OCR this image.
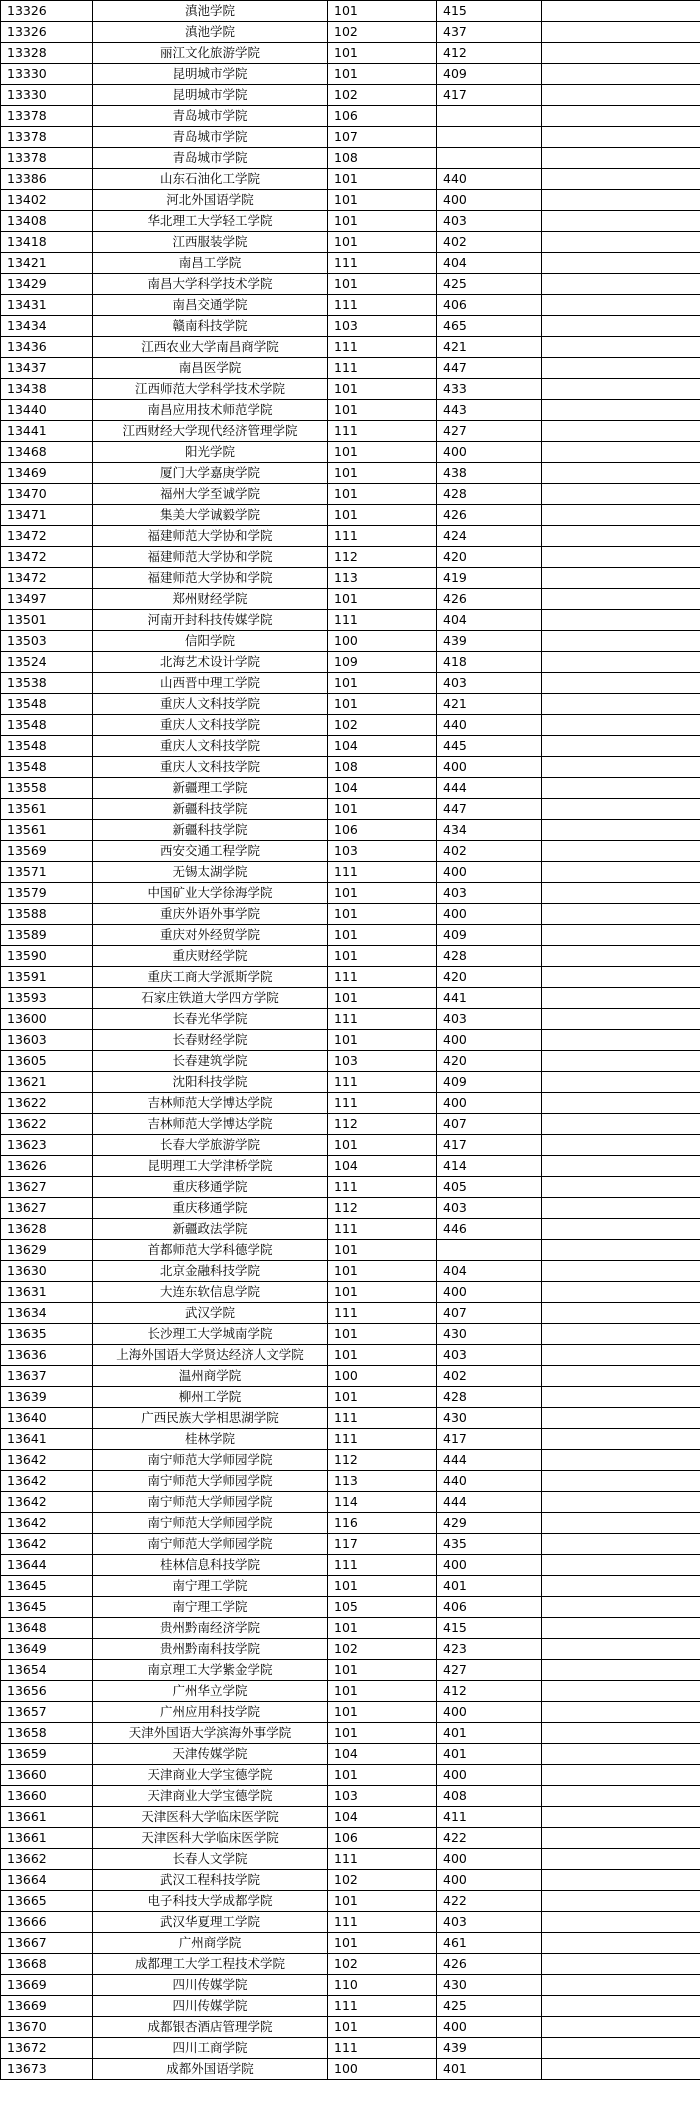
13326	滇池学院	101	415	
13326	滇池学院	102	437	
13328	丽江文化旅游学院	101	412	
13330	昆明城市学院	101	409	
13330	昆明城市学院	102	417	
13378	青岛城市学院	106		
13378	青岛城市学院	107		
13378	青岛城市学院	108		
13386	山东石油化工学院	101	440	
13402	河北外国语学院	101	400	
13408	华北理工大学轻工学院	101	403	
13418	江西服装学院	101	402	
13421	南昌工学院	111	404	
13429	南昌大学科学技术学院	101	425	
13431	南昌交通学院	111	406	
13434	赣南科技学院	103	465	
13436	江西农业大学南昌商学院	111	421	
13437	南昌医学院	111	447	
13438	江西师范大学科学技术学院	101	433	
13440	南昌应用技术师范学院	101	443	
13441	江西财经大学现代经济管理学院	111	427	
13468	阳光学院	101	400	
13469	厦门大学嘉庚学院	101	438	
13470	福州大学至诚学院	101	428	
13471	集美大学诚毅学院	101	426	
13472	福建师范大学协和学院	111	424	
13472	福建师范大学协和学院	112	420	
13472	福建师范大学协和学院	113	419	
13497	郑州财经学院	101	426	
13501	河南开封科技传媒学院	111	404	
13503	信阳学院	100	439	
13524	北海艺术设计学院	109	418	
13538	山西晋中理工学院	101	403	
13548	重庆人文科技学院	101	421	
13548	重庆人文科技学院	102	440	
13548	重庆人文科技学院	104	445	
13548	重庆人文科技学院	108	400	
13558	新疆理工学院	104	444	
13561	新疆科技学院	101	447	
13561	新疆科技学院	106	434	
13569	西安交通工程学院	103	402	
13571	无锡太湖学院	111	400	
13579	中国矿业大学徐海学院	101	403	
13588	重庆外语外事学院	101	400	
13589	重庆对外经贸学院	101	409	
13590	重庆财经学院	101	428	
13591	重庆工商大学派斯学院	111	420	
13593	石家庄铁道大学四方学院	101	441	
13600	长春光华学院	111	403	
13603	长春财经学院	101	400	
13605	长春建筑学院	103	420	
13621	沈阳科技学院	111	409	
13622	吉林师范大学博达学院	111	400	
13622	吉林师范大学博达学院	112	407	
13623	长春大学旅游学院	101	417	
13626	昆明理工大学津桥学院	104	414	
13627	重庆移通学院	111	405	
13627	重庆移通学院	112	403	
13628	新疆政法学院	111	446	
13629	首都师范大学科德学院	101		
13630	北京金融科技学院	101	404	
13631	大连东软信息学院	101	400	
13634	武汉学院	111	407	
13635	长沙理工大学城南学院	101	430	
13636	上海外国语大学贤达经济人文学院	101	403	
13637	温州商学院	100	402	
13639	柳州工学院	101	428	
13640	广西民族大学相思湖学院	111	430	
13641	桂林学院	111	417	
13642	南宁师范大学师园学院	112	444	
13642	南宁师范大学师园学院	113	440	
13642	南宁师范大学师园学院	114	444	
13642	南宁师范大学师园学院	116	429	
13642	南宁师范大学师园学院	117	435	
13644	桂林信息科技学院	111	400	
13645	南宁理工学院	101	401	
13645	南宁理工学院	105	406	
13648	贵州黔南经济学院	101	415	
13649	贵州黔南科技学院	102	423	
13654	南京理工大学紫金学院	101	427	
13656	广州华立学院	101	412	
13657	广州应用科技学院	101	400	
13658	天津外国语大学滨海外事学院	101	401	
13659	天津传媒学院	104	401	
13660	天津商业大学宝德学院	101	400	
13660	天津商业大学宝德学院	103	408	
13661	天津医科大学临床医学院	104	411	
13661	天津医科大学临床医学院	106	422	
13662	长春人文学院	111	400	
13664	武汉工程科技学院	102	400	
13665	电子科技大学成都学院	101	422	
13666	武汉华夏理工学院	111	403	
13667	广州商学院	101	461	
13668	成都理工大学工程技术学院	102	426	
13669	四川传媒学院	110	430	
13669	四川传媒学院	111	425	
13670	成都银杏酒店管理学院	101	400	
13672	四川工商学院	111	439	
13673	成都外国语学院	100	401	
